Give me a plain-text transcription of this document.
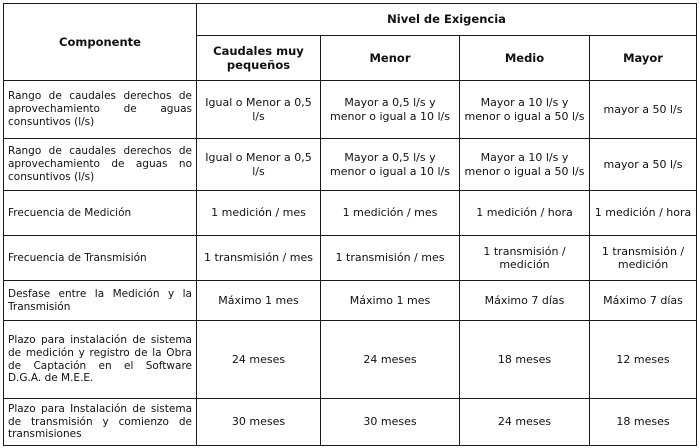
Componente	Nivel de Exigencia			
	Caudales muy pequeños	Menor	Medio	Mayor
Rango de caudales derechos de aprovechamiento de aguas consuntivos (l/s)	Igual o Menor a 0,5 l/s	Mayor a 0,5 l/s y menor o igual a 10 l/s	Mayor a 10 l/s y menor o igual a 50 l/s	mayor a 50 l/s
Rango de caudales derechos de aprovechamiento de aguas no consuntivos (l/s)	Igual o Menor a 0,5 l/s	Mayor a 0,5 l/s y menor o igual a 10 l/s	Mayor a 10 l/s y menor o igual a 50 l/s	mayor a 50 l/s
Frecuencia de Medición	1 medición / mes	1 medición / mes	1 medición / hora	1 medición / hora
Frecuencia de Transmisión	1 transmisión / mes	1 transmisión / mes	1 transmisión / medición	1 transmisión / medición
Desfase entre la Medición y la Transmisión	Máximo 1 mes	Máximo 1 mes	Máximo 7 días	Máximo 7 días
Plazo para instalación de sistema de medición y registro de la Obra de Captación en el Software D.G.A. de M.E.E.	24 meses	24 meses	18 meses	12 meses
Plazo para Instalación de sistema de transmisión y comienzo de transmisiones	30 meses	30 meses	24 meses	18 meses
